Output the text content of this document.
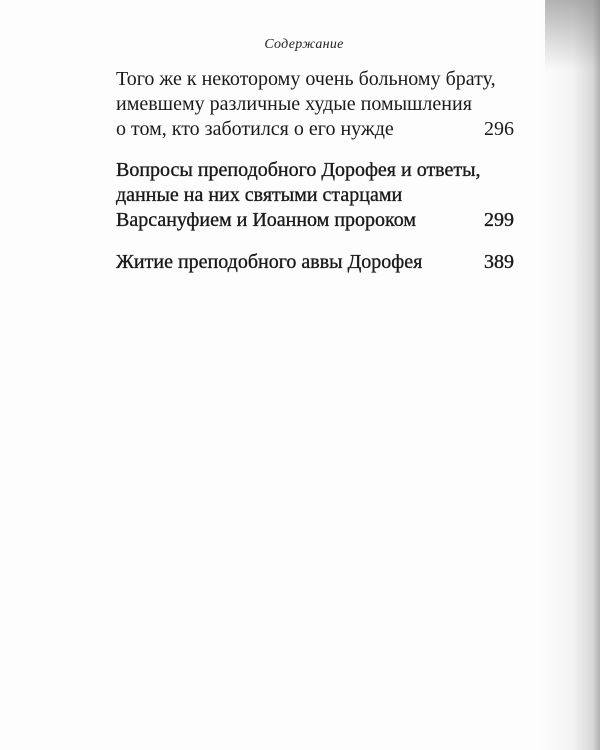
Содержание
Того же к некоторому очень больному брату,
имевшему различные худые помышления
о том, кто заботился о его нужде	296
Вопросы преподобного Дорофея и ответы,
данные на них святыми старцами
Варсануфием и Иоанном пророком	299
Житие преподобного аввы Дорофея	389
